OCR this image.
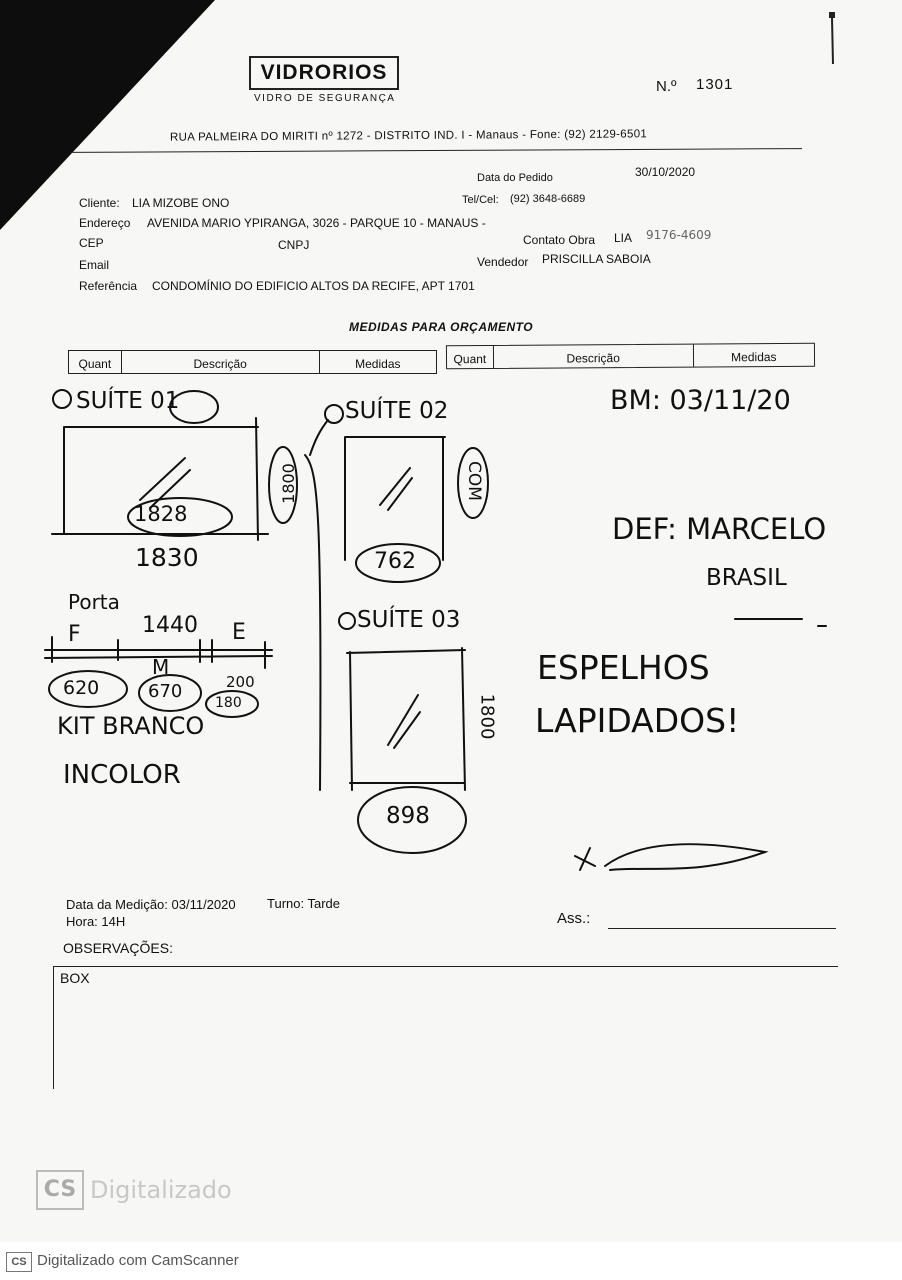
VIDRORIOS
VIDRO DE SEGURANÇA
N.º 1301
RUA PALMEIRA DO MIRITI nº 1272 - DISTRITO IND. I - Manaus - Fone: (92) 2129-6501
Data do Pedido	30/10/2020
Cliente: LIA MIZOBE ONO	Tel/Cel: (92) 3648-6689
Endereço AVENIDA MARIO YPIRANGA, 3026 - PARQUE 10 - MANAUS -
CEP	CNPJ	Contato Obra LIA 9176-4609
Email	Vendedor PRISCILLA SABOIA
Referência CONDOMÍNIO DO EDIFICIO ALTOS DA RECIFE, APT 1701
MEDIDAS PARA ORÇAMENTO
Quant	Descrição	Medidas	Quant	Descrição	Medidas
SUÍTE 01
1828
1830
1800
SUÍTE 02
COM
762
SUÍTE 03
1800
898
BM: 03/11/20
DEF: MARCELO
BRASIL
Porta
1440
F	E
M
620	670	200
180
KIT BRANCO
INCOLOR
ESPELHOS
LAPIDADOS!
Data da Medição: 03/11/2020 Turno: Tarde
Hora: 14H	Ass.:
OBSERVAÇÕES:
BOX
CS Digitalizado
CS Digitalizado com CamScanner
